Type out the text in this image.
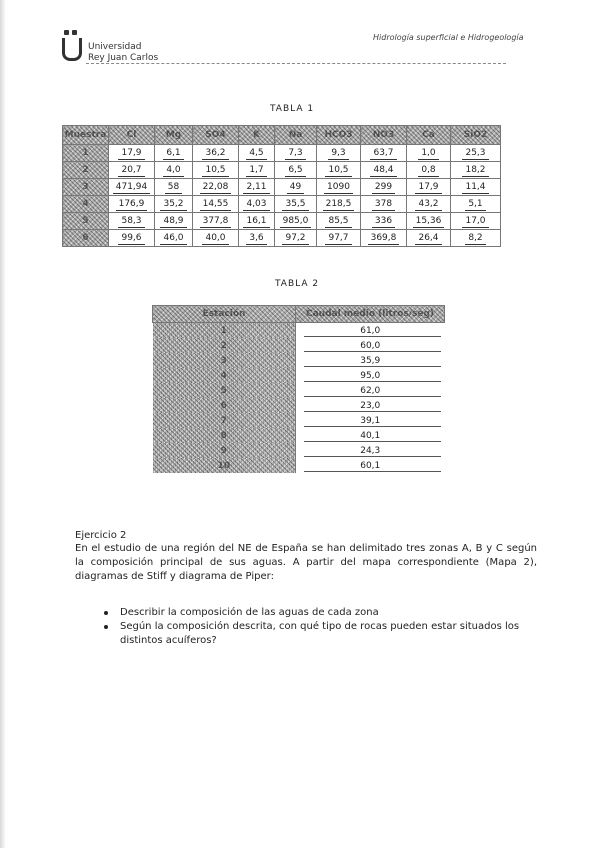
Universidad
Rey Juan Carlos
Hidrología superficial e Hidrogeología
TABLA 1
Muestra	Cl	Mg	SO4	K	Na	HCO3	NO3	Ca	SiO2
1	17,9	6,1	36,2	4,5	7,3	9,3	63,7	1,0	25,3
2	20,7	4,0	10,5	1,7	6,5	10,5	48,4	0,8	18,2
3	471,94	58	22,08	2,11	49	1090	299	17,9	11,4
4	176,9	35,2	14,55	4,03	35,5	218,5	378	43,2	5,1
5	58,3	48,9	377,8	16,1	985,0	85,5	336	15,36	17,0
6	99,6	46,0	40,0	3,6	97,2	97,7	369,8	26,4	8,2
TABLA 2
Estación	Caudal medio (litros/seg)
1	61,0
2	60,0
3	35,9
4	95,0
5	62,0
6	23,0
7	39,1
8	40,1
9	24,3
10	60,1
Ejercicio 2
En el estudio de una región del NE de España se han delimitado tres zonas A, B y C según la composición principal de sus aguas. A partir del mapa correspondiente (Mapa 2), diagramas de Stiff y diagrama de Piper:
Describir la composición de las aguas de cada zona
Según la composición descrita, con qué tipo de rocas pueden estar situados los distintos acuíferos?
